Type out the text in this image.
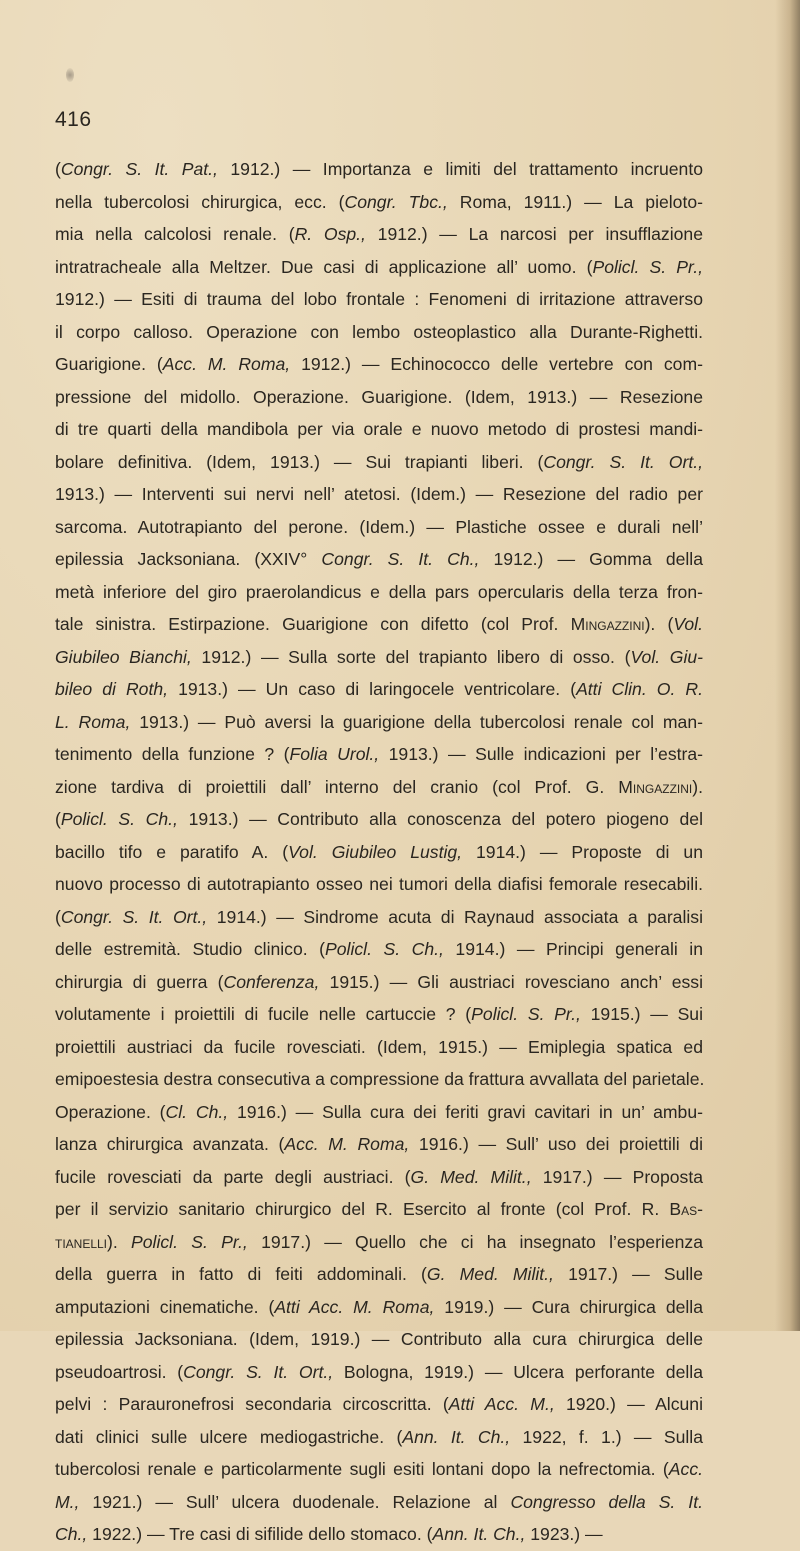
416
(Congr. S. It. Pat., 1912.) — Importanza e limiti del trattamento incruento
nella tubercolosi chirurgica, ecc. (Congr. Tbc., Roma, 1911.) — La pieloto-
mia nella calcolosi renale. (R. Osp., 1912.) — La narcosi per insufflazione
intratracheale alla Meltzer. Due casi di applicazione all’ uomo. (Policl. S. Pr.,
1912.) — Esiti di trauma del lobo frontale : Fenomeni di irritazione attraverso
il corpo calloso. Operazione con lembo osteoplastico alla Durante-Righetti.
Guarigione. (Acc. M. Roma, 1912.) — Echinococco delle vertebre con com-
pressione del midollo. Operazione. Guarigione. (Idem, 1913.) — Resezione
di tre quarti della mandibola per via orale e nuovo metodo di prostesi mandi-
bolare definitiva. (Idem, 1913.) — Sui trapianti liberi. (Congr. S. It. Ort.,
1913.) — Interventi sui nervi nell’ atetosi. (Idem.) — Resezione del radio per
sarcoma. Autotrapianto del perone. (Idem.) — Plastiche ossee e durali nell’
epilessia Jacksoniana. (XXIV° Congr. S. It. Ch., 1912.) — Gomma della
metà inferiore del giro praerolandicus e della pars opercularis della terza fron-
tale sinistra. Estirpazione. Guarigione con difetto (col Prof. Mingazzini). (Vol.
Giubileo Bianchi, 1912.) — Sulla sorte del trapianto libero di osso. (Vol. Giu-
bileo di Roth, 1913.) — Un caso di laringocele ventricolare. (Atti Clin. O. R.
L. Roma, 1913.) — Può aversi la guarigione della tubercolosi renale col man-
tenimento della funzione ? (Folia Urol., 1913.) — Sulle indicazioni per l’estra-
zione tardiva di proiettili dall’ interno del cranio (col Prof. G. Mingazzini).
(Policl. S. Ch., 1913.) — Contributo alla conoscenza del potero piogeno del
bacillo tifo e paratifo A. (Vol. Giubileo Lustig, 1914.) — Proposte di un
nuovo processo di autotrapianto osseo nei tumori della diafisi femorale resecabili.
(Congr. S. It. Ort., 1914.) — Sindrome acuta di Raynaud associata a paralisi
delle estremità. Studio clinico. (Policl. S. Ch., 1914.) — Principi generali in
chirurgia di guerra (Conferenza, 1915.) — Gli austriaci rovesciano anch’ essi
volutamente i proiettili di fucile nelle cartuccie ? (Policl. S. Pr., 1915.) — Sui
proiettili austriaci da fucile rovesciati. (Idem, 1915.) — Emiplegia spatica ed
emipoestesia destra consecutiva a compressione da frattura avvallata del parietale.
Operazione. (Cl. Ch., 1916.) — Sulla cura dei feriti gravi cavitari in un’ ambu-
lanza chirurgica avanzata. (Acc. M. Roma, 1916.) — Sull’ uso dei proiettili di
fucile rovesciati da parte degli austriaci. (G. Med. Milit., 1917.) — Proposta
per il servizio sanitario chirurgico del R. Esercito al fronte (col Prof. R. Bas-
tianelli). Policl. S. Pr., 1917.) — Quello che ci ha insegnato l’esperienza
della guerra in fatto di feiti addominali. (G. Med. Milit., 1917.) — Sulle
amputazioni cinematiche. (Atti Acc. M. Roma, 1919.) — Cura chirurgica della
epilessia Jacksoniana. (Idem, 1919.) — Contributo alla cura chirurgica delle
pseudoartrosi. (Congr. S. It. Ort., Bologna, 1919.) — Ulcera perforante della
pelvi : Parauronefrosi secondaria circoscritta. (Atti Acc. M., 1920.) — Alcuni
dati clinici sulle ulcere mediogastriche. (Ann. It. Ch., 1922, f. 1.) — Sulla
tubercolosi renale e particolarmente sugli esiti lontani dopo la nefrectomia. (Acc.
M., 1921.) — Sull’ ulcera duodenale. Relazione al Congresso della S. It.
Ch., 1922.) — Tre casi di sifilide dello stomaco. (Ann. It. Ch., 1923.) —
